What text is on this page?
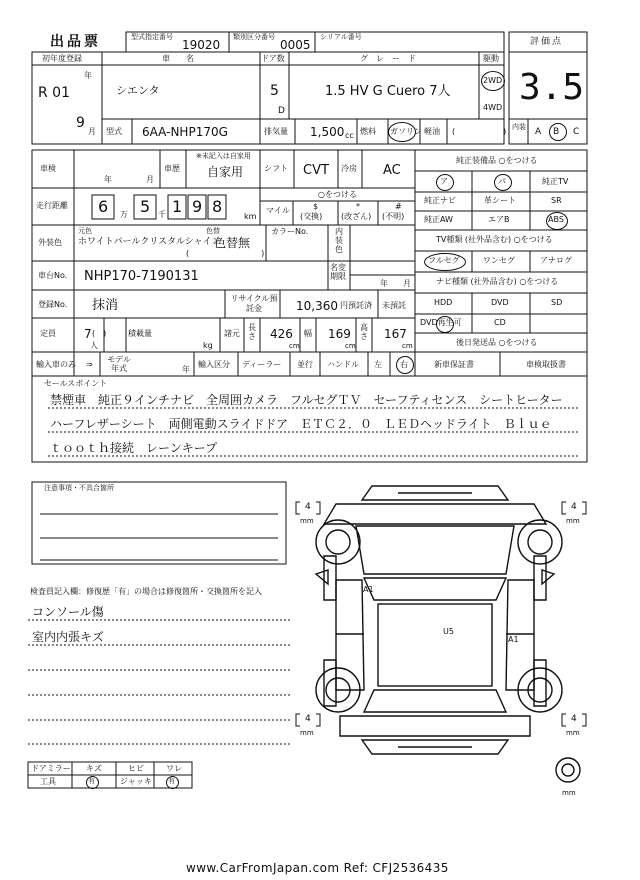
出品票	型式指定番号
19020
類別区分番号
0005
シリアル番号	評価点
3.5
初年度登録
R 01
年
9
月
車名
シエンタ
ドア数
5
D
グレード
1.5 HV G Cuero 7人
駆動
2WD
4WD
型式 6AA-NHP170G	排気量 1,500 cc 燃料 ガソリン 軽油 (　　　　　　) 内装 A B C
車検
年	月
車歴
※未記入は自家用
自家用	シフト CVT 冷房 AC
走行距離 6 万 5 千 1 9 8
km
○をつける
マイル	$
(交換)
*
(改ざん)
#
(不明)
外装色
元色
ホワイトパールクリスタルシャイン
色替
色替無
(　　　　　　　　　)
カラーNo.	内装色
車台No. NHP170-7190131
名変期限
年 月
登録No. 抹消	リサイクル預託金	10,360 円預託済 未預託
定員 7 (　)
人
積載量
kg
諸元
長さ 426
cm
幅 169
cm
高さ 167
cm
輸入車のみ ⇒
モデル年式	年
輸入区分 ディーラー 並行 ハンドル 左 右
純正装備品 ○をつける
ア	パ	純正TV
純正ナビ	革シート	SR
純正AW	エアB	ABS
TV種類 (社外品含む) ○をつける
フルセグ	ワンセグ	アナログ
ナビ種類 (社外品含む) ○をつける
HDD	DVD	SD
DVD再生可	CD
後日発送品 ○をつける
新車保証書	車検取扱書
セールスポイント
禁煙車　純正９インチナビ　全周囲カメラ　フルセグＴＶ　セーフティセンス　シートヒーター
ハーフレザーシート　両側電動スライドドア　ＥＴＣ２．０　ＬＥＤヘッドライト　Ｂｌｕｅ
ｔｏｏｔｈ接続　レーンキープ
注意事項・不具合箇所
検査員記入欄：修復歴「有」の場合は修復箇所・交換箇所を記入
コンソール傷
室内内張キズ
ドアミラー キズ	ヒビ	ワレ
工具	有	ジャッキ 有
4
mm
4
mm
4
mm
4
mm
mm
A1
U5
A1
www.CarFromJapan.com Ref: CFJ2536435
